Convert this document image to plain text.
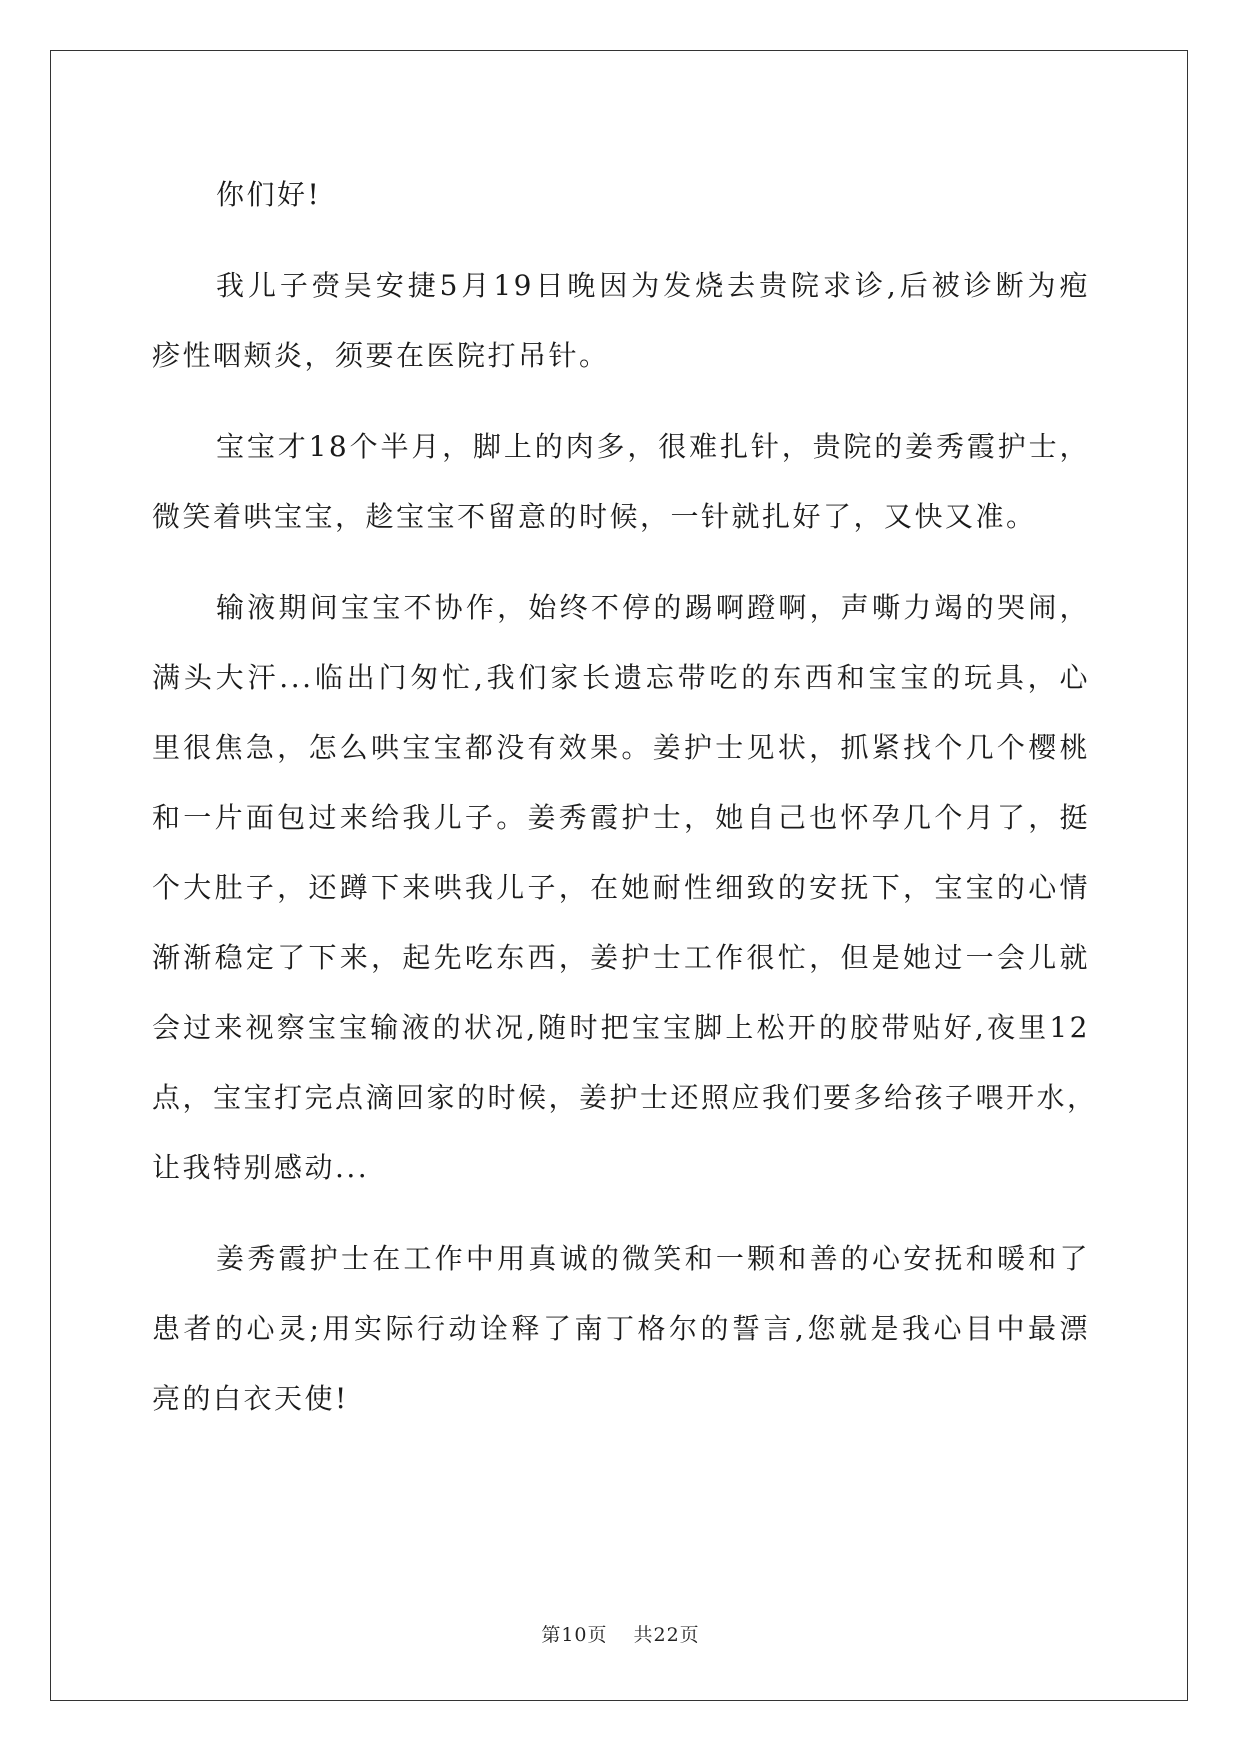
你们好!
我儿子赍吴安捷5月19日晚因为发烧去贵院求诊,后被诊断为疱
疹性咽颊炎，须要在医院打吊针。
宝宝才18个半月，脚上的肉多，很难扎针，贵院的姜秀霞护士，
微笑着哄宝宝，趁宝宝不留意的时候，一针就扎好了，又快又准。
输液期间宝宝不协作，始终不停的踢啊蹬啊，声嘶力竭的哭闹，
满头大汗...临出门匆忙,我们家长遗忘带吃的东西和宝宝的玩具，心
里很焦急，怎么哄宝宝都没有效果。姜护士见状，抓紧找个几个樱桃
和一片面包过来给我儿子。姜秀霞护士，她自己也怀孕几个月了，挺
个大肚子，还蹲下来哄我儿子，在她耐性细致的安抚下，宝宝的心情
渐渐稳定了下来，起先吃东西，姜护士工作很忙，但是她过一会儿就
会过来视察宝宝输液的状况,随时把宝宝脚上松开的胶带贴好,夜里12
点，宝宝打完点滴回家的时候，姜护士还照应我们要多给孩子喂开水，
让我特别感动...
姜秀霞护士在工作中用真诚的微笑和一颗和善的心安抚和暖和了
患者的心灵;用实际行动诠释了南丁格尔的誓言,您就是我心目中最漂
亮的白衣天使!
第10页 共22页
